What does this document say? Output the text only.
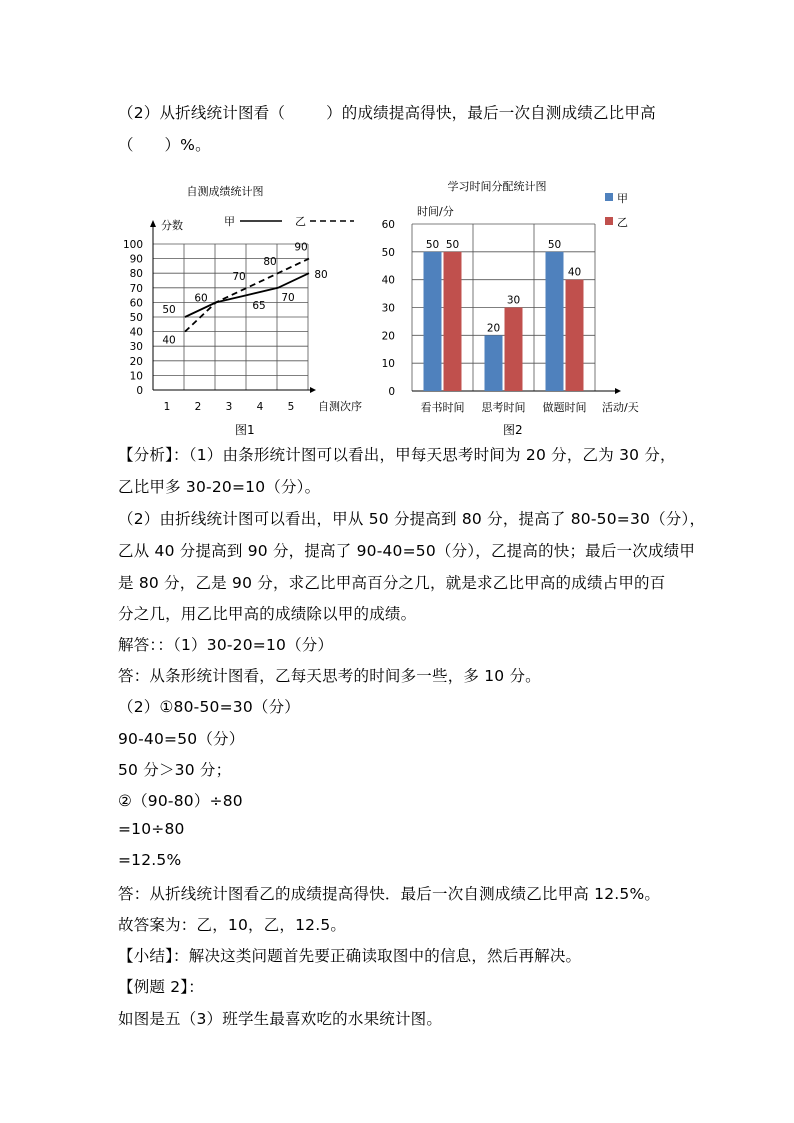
（2）从折线统计图看（        ）的成绩提高得快，最后一次自测成绩乙比甲高
（      ）%。
自测成绩统计图
分数
自测次序
0
10
20
30
40
50
60
70
80
90
100
1 2 3 4 5
甲	乙
50
60
65
70
80
40
70
80
90
图1
学习时间分配统计图
时间/分
0
10
20
30
40
50
60
50 50
看书时间
20
30
思考时间
50
40
做题时间 活动/天
甲
乙
图2
【分析】：（1）由条形统计图可以看出，甲每天思考时间为 20 分，乙为 30 分，
乙比甲多 30-20=10（分）。
（2）由折线统计图可以看出，甲从 50 分提高到 80 分，提高了 80-50=30（分），
乙从 40 分提高到 90 分，提高了 90-40=50（分），乙提高的快；最后一次成绩甲
是 80 分，乙是 90 分，求乙比甲高百分之几，就是求乙比甲高的成绩占甲的百
分之几，用乙比甲高的成绩除以甲的成绩。
解答：：（1）30-20=10（分）
答：从条形统计图看，乙每天思考的时间多一些，多 10 分。
（2）①80-50=30（分）
90-40=50（分）
50 分＞30 分；
②（90-80）÷80
=10÷80
=12.5%
答：从折线统计图看乙的成绩提高得快．最后一次自测成绩乙比甲高 12.5%。
故答案为：乙，10，乙，12.5。
【小结】：解决这类问题首先要正确读取图中的信息，然后再解决。
【例题 2】：
如图是五（3）班学生最喜欢吃的水果统计图。
